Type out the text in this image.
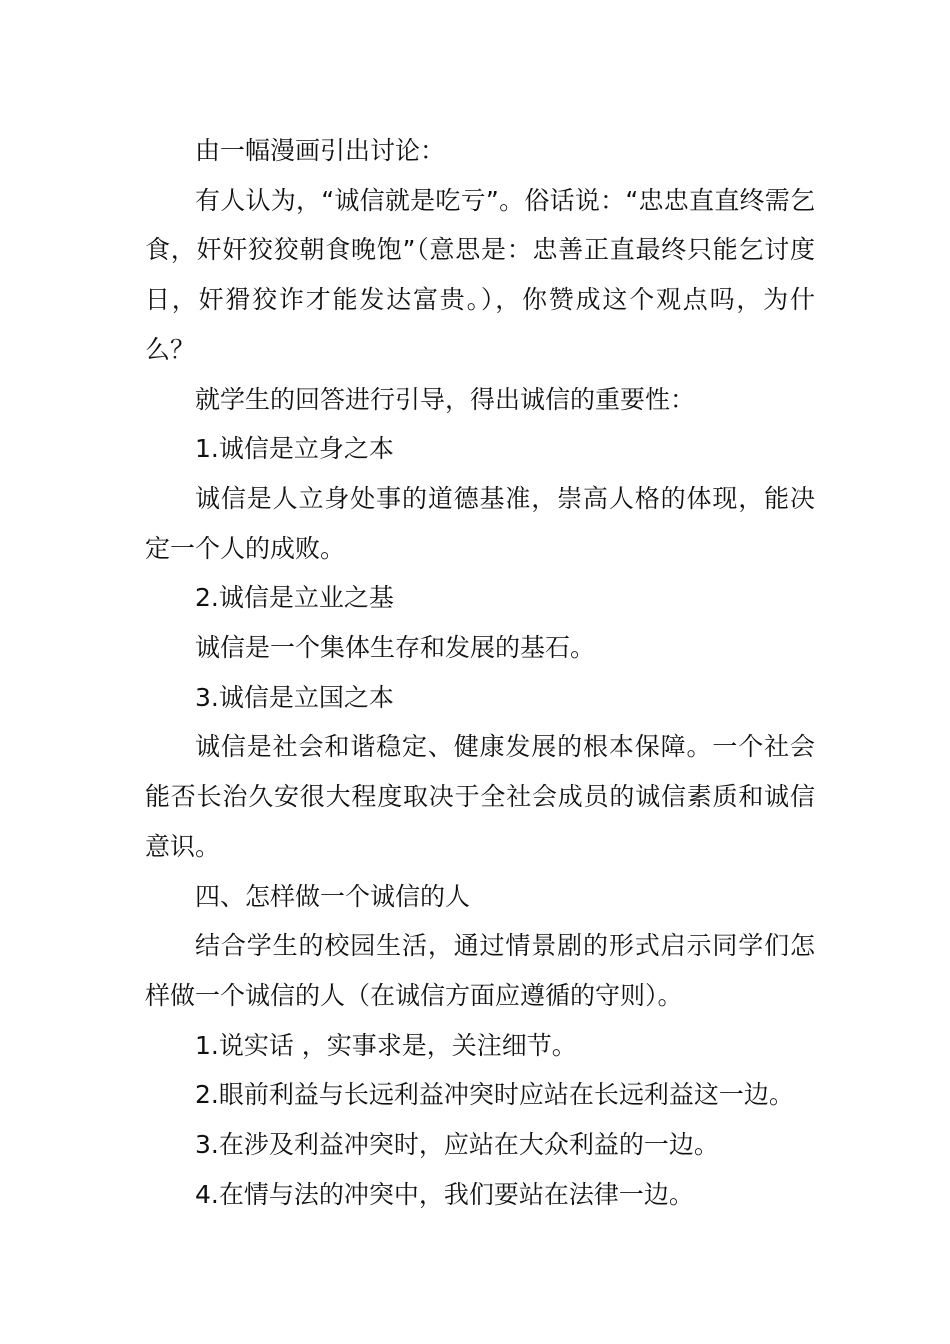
由一幅漫画引出讨论：

有人认为，“诚信就是吃亏”。俗话说：“忠忠直直终需乞食，奸奸狡狡朝食晚饱”（意思是：忠善正直最终只能乞讨度日，奸猾狡诈才能发达富贵。），你赞成这个观点吗，为什么？

就学生的回答进行引导，得出诚信的重要性：

1.诚信是立身之本

诚信是人立身处事的道德基准，崇高人格的体现，能决定一个人的成败。

2.诚信是立业之基

诚信是一个集体生存和发展的基石。

3.诚信是立国之本

诚信是社会和谐稳定、健康发展的根本保障。一个社会能否长治久安很大程度取决于全社会成员的诚信素质和诚信意识。

四、怎样做一个诚信的人

结合学生的校园生活，通过情景剧的形式启示同学们怎样做一个诚信的人（在诚信方面应遵循的守则）。

1.说实话 ，实事求是，关注细节。

2.眼前利益与长远利益冲突时应站在长远利益这一边。

3.在涉及利益冲突时，应站在大众利益的一边。

4.在情与法的冲突中，我们要站在法律一边。
